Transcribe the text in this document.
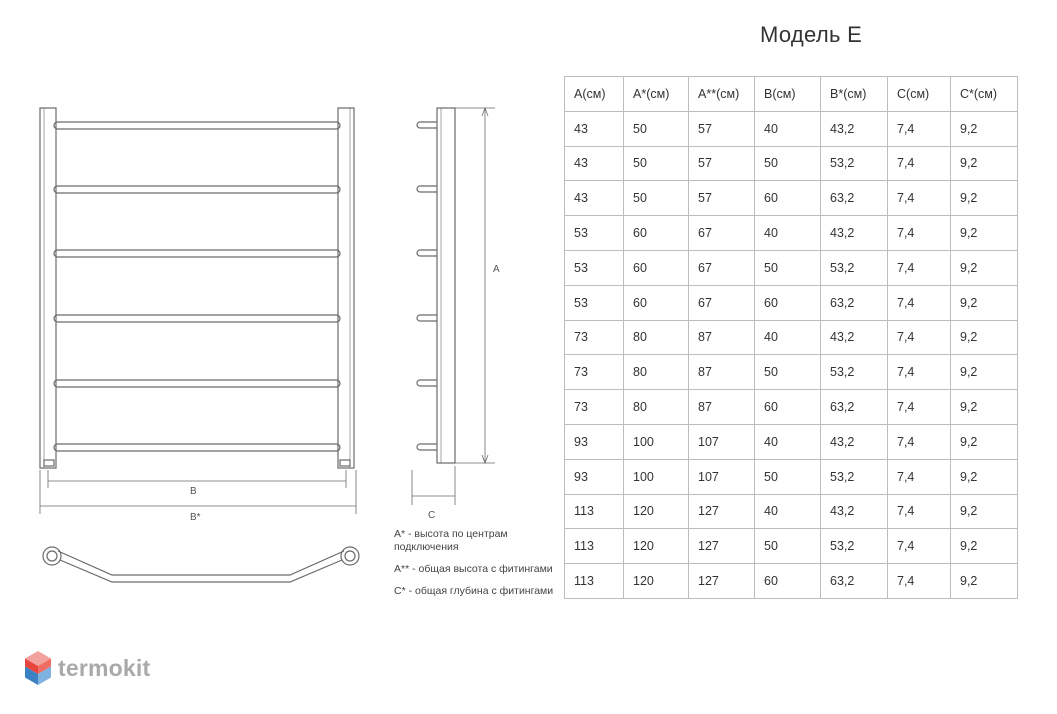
Модель E
B
B*
A
C

A* - высота по центрам подключения

A** - общая высота с фитингами

C* - общая глубина с фитингами

A(см)	A*(см)	A**(см)	B(см)	B*(см)	C(см)	C*(см)
43	50	57	40	43,2	7,4	9,2
43	50	57	50	53,2	7,4	9,2
43	50	57	60	63,2	7,4	9,2
53	60	67	40	43,2	7,4	9,2
53	60	67	50	53,2	7,4	9,2
53	60	67	60	63,2	7,4	9,2
73	80	87	40	43,2	7,4	9,2
73	80	87	50	53,2	7,4	9,2
73	80	87	60	63,2	7,4	9,2
93	100	107	40	43,2	7,4	9,2
93	100	107	50	53,2	7,4	9,2
113	120	127	40	43,2	7,4	9,2
113	120	127	50	53,2	7,4	9,2
113	120	127	60	63,2	7,4	9,2
termokit
